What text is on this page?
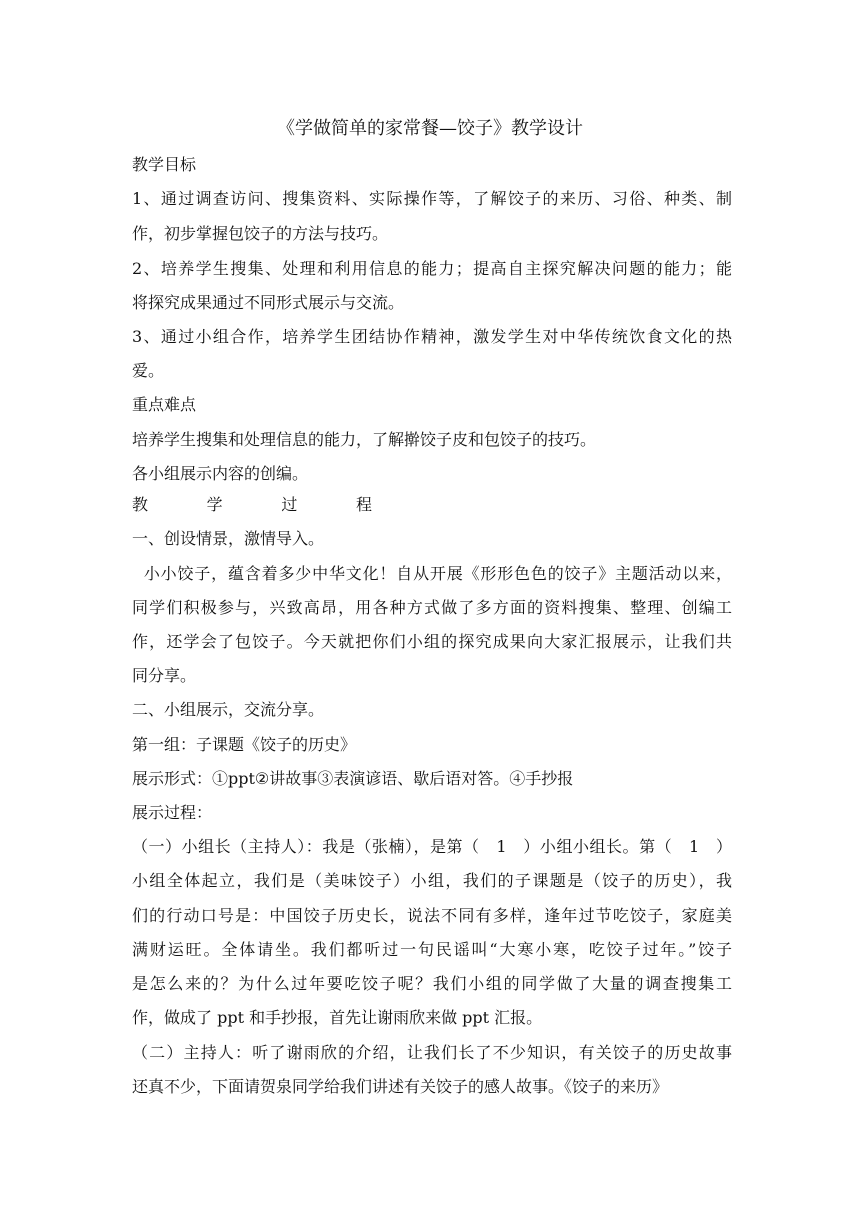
《学做简单的家常餐—饺子》教学设计

教学目标

1、通过调查访问、搜集资料、实际操作等，了解饺子的来历、习俗、种类、制

作，初步掌握包饺子的方法与技巧。

2、培养学生搜集、处理和利用信息的能力；提高自主探究解决问题的能力；能

将探究成果通过不同形式展示与交流。

3、通过小组合作，培养学生团结协作精神，激发学生对中华传统饮食文化的热

爱。

重点难点

培养学生搜集和处理信息的能力，了解擀饺子皮和包饺子的技巧。

各小组展示内容的创编。

教	学	过	程

一、创设情景，激情导入。

小小饺子，蕴含着多少中华文化！自从开展《形形色色的饺子》主题活动以来，

同学们积极参与，兴致高昂，用各种方式做了多方面的资料搜集、整理、创编工

作，还学会了包饺子。今天就把你们小组的探究成果向大家汇报展示，让我们共

同分享。

二、小组展示，交流分享。

第一组：子课题《饺子的历史》

展示形式：①ppt②讲故事③表演谚语、歇后语对答。④手抄报

展示过程：

（一）小组长（主持人）：我是（张楠），是第（   1   ）小组小组长。第（   1   ）

小组全体起立，我们是（美味饺子）小组，我们的子课题是（饺子的历史），我

们的行动口号是：中国饺子历史长，说法不同有多样，逢年过节吃饺子，家庭美

满财运旺。全体请坐。我们都听过一句民谣叫“大寒小寒，吃饺子过年。”饺子

是怎么来的？为什么过年要吃饺子呢？我们小组的同学做了大量的调查搜集工

作，做成了 ppt 和手抄报，首先让谢雨欣来做 ppt 汇报。

（二）主持人：听了谢雨欣的介绍，让我们长了不少知识，有关饺子的历史故事

还真不少，下面请贺泉同学给我们讲述有关饺子的感人故事。《饺子的来历》
